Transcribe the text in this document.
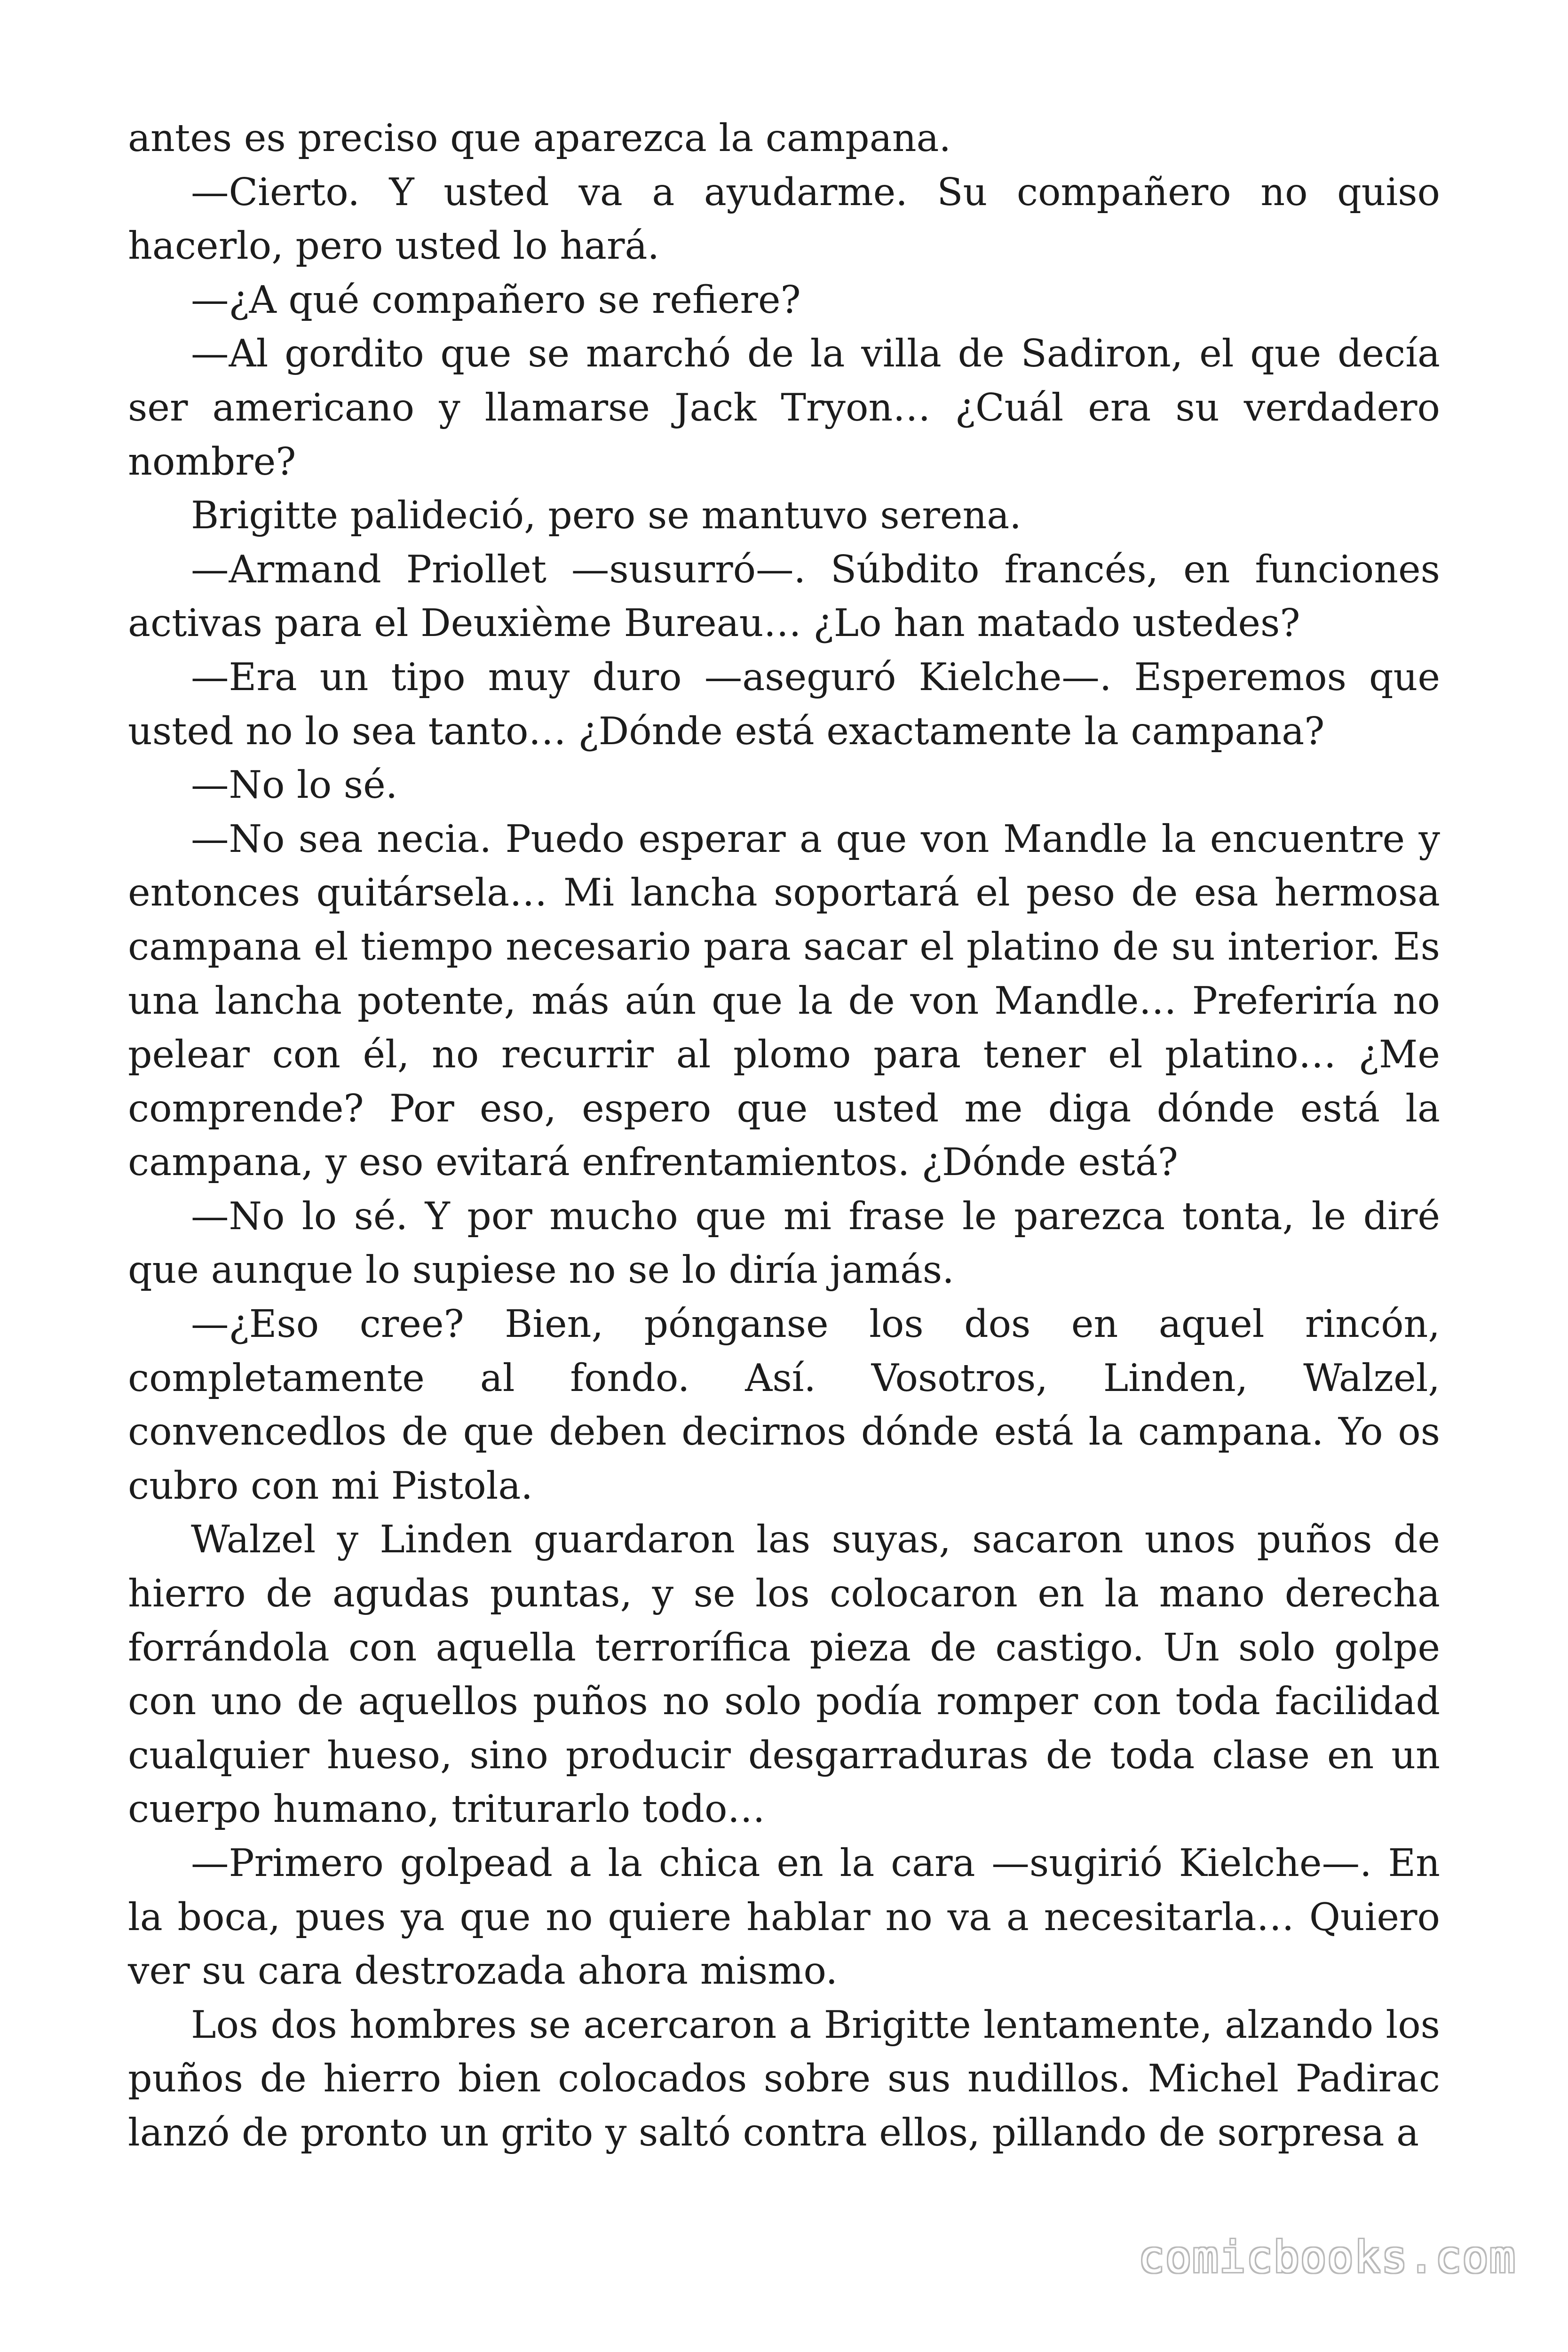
antes es preciso que aparezca la campana.

—Cierto. Y usted va a ayudarme. Su compañero no quiso hacerlo, pero usted lo hará.

—¿A qué compañero se refiere?

—Al gordito que se marchó de la villa de Sadiron, el que decía ser americano y llamarse Jack Tryon… ¿Cuál era su verdadero nombre?

Brigitte palideció, pero se mantuvo serena.

—Armand Priollet —susurró—. Súbdito francés, en funciones activas para el Deuxième Bureau… ¿Lo han matado ustedes?

—Era un tipo muy duro —aseguró Kielche—. Esperemos que usted no lo sea tanto… ¿Dónde está exactamente la campana?

—No lo sé.

—No sea necia. Puedo esperar a que von Mandle la encuentre y entonces quitársela… Mi lancha soportará el peso de esa hermosa campana el tiempo necesario para sacar el platino de su interior. Es una lancha potente, más aún que la de von Mandle… Preferiría no pelear con él, no recurrir al plomo para tener el platino… ¿Me comprende? Por eso, espero que usted me diga dónde está la campana, y eso evitará enfrentamientos. ¿Dónde está?

—No lo sé. Y por mucho que mi frase le parezca tonta, le diré que aunque lo supiese no se lo diría jamás.

—¿Eso cree? Bien, pónganse los dos en aquel rincón, completamente al fondo. Así. Vosotros, Linden, Walzel, convencedlos de que deben decirnos dónde está la campana. Yo os cubro con mi Pistola.

Walzel y Linden guardaron las suyas, sacaron unos puños de hierro de agudas puntas, y se los colocaron en la mano derecha forrándola con aquella terrorífica pieza de castigo. Un solo golpe con uno de aquellos puños no solo podía romper con toda facilidad cualquier hueso, sino producir desgarraduras de toda clase en un cuerpo humano, triturarlo todo…

—Primero golpead a la chica en la cara —sugirió Kielche—. En la boca, pues ya que no quiere hablar no va a necesitarla… Quiero ver su cara destrozada ahora mismo.

Los dos hombres se acercaron a Brigitte lentamente, alzando los puños de hierro bien colocados sobre sus nudillos. Michel Padirac lanzó de pronto un grito y saltó contra ellos, pillando de sorpresa a

comicbooks.com
